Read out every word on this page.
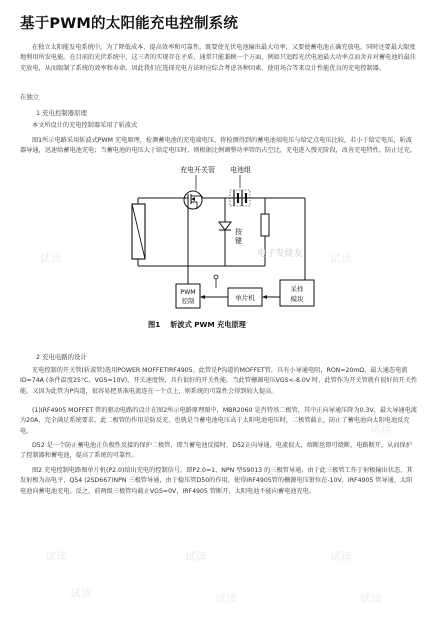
基于PWM的太阳能充电控制系统

在独立太阳能发电系统中，为了降低成本、提高效率和可靠性，既要使光伏电池输出最大功率，又要使蓄电池正确充放电，同时还要最大限度地利用所发电能。在目前的光伏系统中，这三者的实现存在矛盾，通常只能兼顾一个方面，例如只追踪光伏电池最大功率点而舍弃对蓄电池的最佳充放电，从而限制了系统的效率和寿命。因此我们在选择充电方法时应综合考虑各种因素、使用场合等来设计性能优良的充电控制器。

在独立
1 充电控制器原理

本文所设计的充电控制器采用了斩波式

图1所示电路采用斩波式PWM 充电原理，检测蓄电池的充电端电压，将检测得到的蓄电池端电压与给定点电压比较，若小于给定电压，斩波器导通，迅速给蓄电池充电；当蓄电池的电压大于给定电压时，则根据比例调整功率管的占空比，充电进入慢充阶段，改善充电特性，防止过充。

充电开关管 电池组
按键
PWM
控制	单片机
采样
模块
电子发烧友
图1 斩波式 PWM 充电原理
2 充电电路的设计

充电控制的开关管(斩波管)选用POWER MOFFETIRF4905。此管是P沟道的MOFFET管，具有小导通电阻，RON=20mΩ，最大通态电流ID=74A (条件温度25°C，VGS=10V)，开关速度快，具有很好的开关性能。当此管栅源电压VGS<-8.0V 时，此管作为开关管就有很好的开关性能。又因为此管为P沟道，很容易把基准电流连在一个点上，则系统的可靠性会得到较大提高。

(1)IRF4905 MOFFET 管的驱动电路的设计在图2所示电路原理图中，MBR2060 是肖特基二极管，其中正向导通压降为0.3V，最大导通电流为20A，完全满足系统要求。此二极管的作用是防反充，也就是当蓄电池电压高于太阳电池电压时，二极管截止，防止了蓄电池向太阳电池反充电。

D52 是一个防止蓄电池正负极性反接的保护二极管，即当蓄电池反接时，D52正向导通，电流很大，熔断丝即可烧断，电路断开，从而保护了控制器和蓄电池，提高了系统的可靠性。

图2 充电控制电路图单片机(P2.0)给出充电的控制信号，即P2.0=1，NPN 型S9013 的三极管导通，由于此三极管工作于射极输出状态，其发射极为高电平，Q54 (2SD667)NPN 三极管导通，由于稳压管D50的作用，使得IRF4905管的栅源电压钳位在-10V，IRF4905 管导通，太阳电池向蓄电池充电。反之，前两级三极管均截止VGS=0V，IRF4905 管断开，太阳电池不能向蓄电池充电。

试读	试读	试读
试读	试读	试读
试读
试读
试读
